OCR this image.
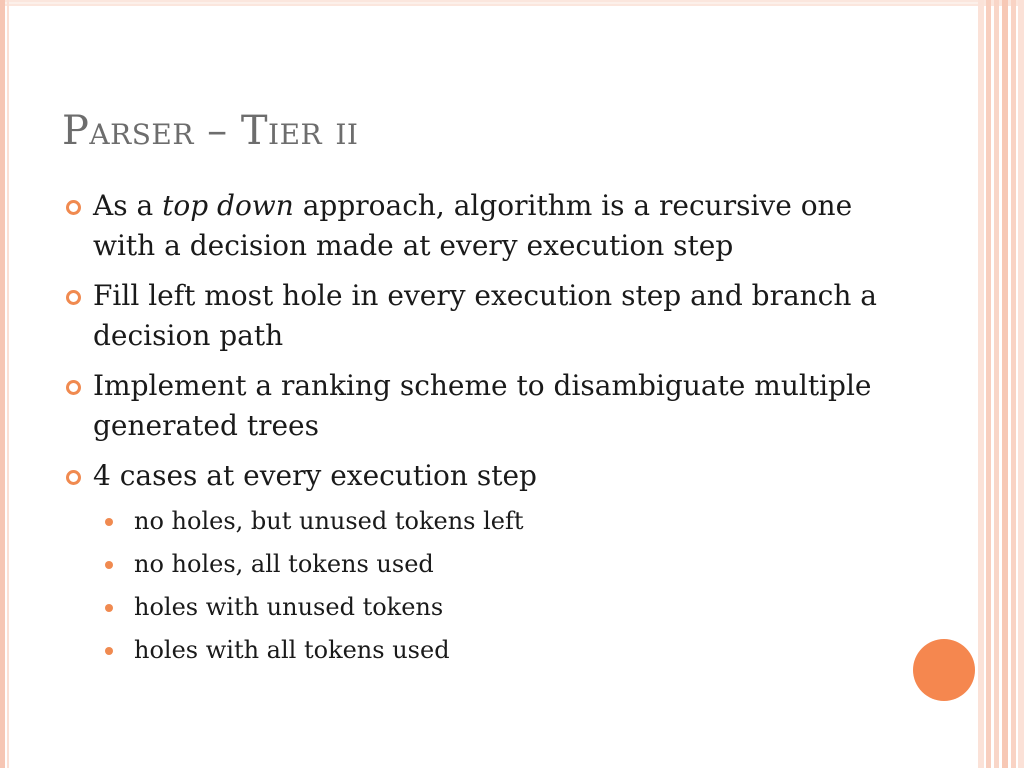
Parser – Tier ii
As a top down approach, algorithm is a recursive one with a decision made at every execution step
Fill left most hole in every execution step and branch a decision path
Implement a ranking scheme to disambiguate multiple generated trees
4 cases at every execution step
no holes, but unused tokens left
no holes, all tokens used
holes with unused tokens
holes with all tokens used
